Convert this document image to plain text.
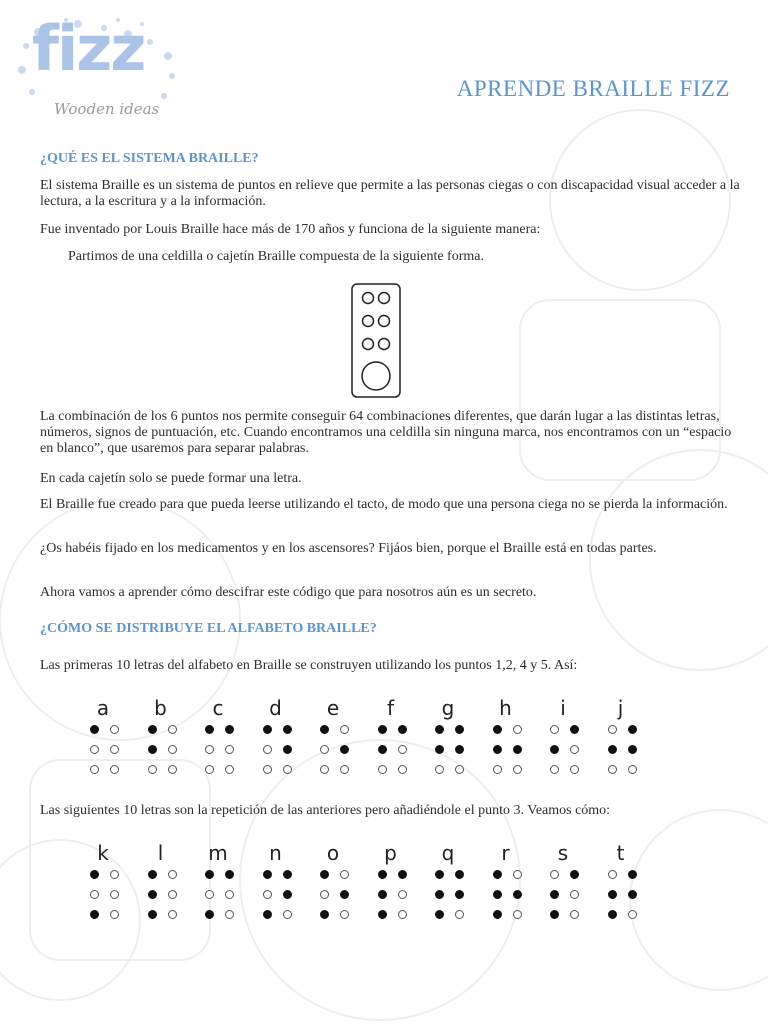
fizz
Wooden ideas
APRENDE BRAILLE FIZZ
¿QUÉ ES EL SISTEMA BRAILLE?
El sistema Braille es un sistema de puntos en relieve que permite a las personas ciegas o con discapacidad visual acceder a la lectura, a la escritura y a la información.
Fue inventado por Louis Braille hace más de 170 años y funciona de la siguiente manera:
Partimos de una celdilla o cajetín Braille compuesta de la siguiente forma.
La combinación de los 6 puntos nos permite conseguir 64 combinaciones diferentes, que darán lugar a las distintas letras, números, signos de puntuación, etc. Cuando encontramos una celdilla sin ninguna marca, nos encontramos con un “espacio en blanco”, que usaremos para separar palabras.
En cada cajetín solo se puede formar una letra.
El Braille fue creado para que pueda leerse utilizando el tacto, de modo que una persona ciega no se pierda la información.
¿Os habéis fijado en los medicamentos y en los ascensores? Fijáos bien, porque el Braille está en todas partes.
Ahora vamos a aprender cómo descifrar este código que para nosotros aún es un secreto.
¿CÓMO SE DISTRIBUYE EL ALFABETO BRAILLE?
Las primeras 10 letras del alfabeto en Braille se construyen utilizando los puntos 1,2, 4 y 5. Así:
a	b	c	d	e	f	g	h	i	j
Las siguientes 10 letras son la repetición de las anteriores pero añadiéndole el punto 3. Veamos cómo:
k	l	m	n	o	p	q	r	s	t
